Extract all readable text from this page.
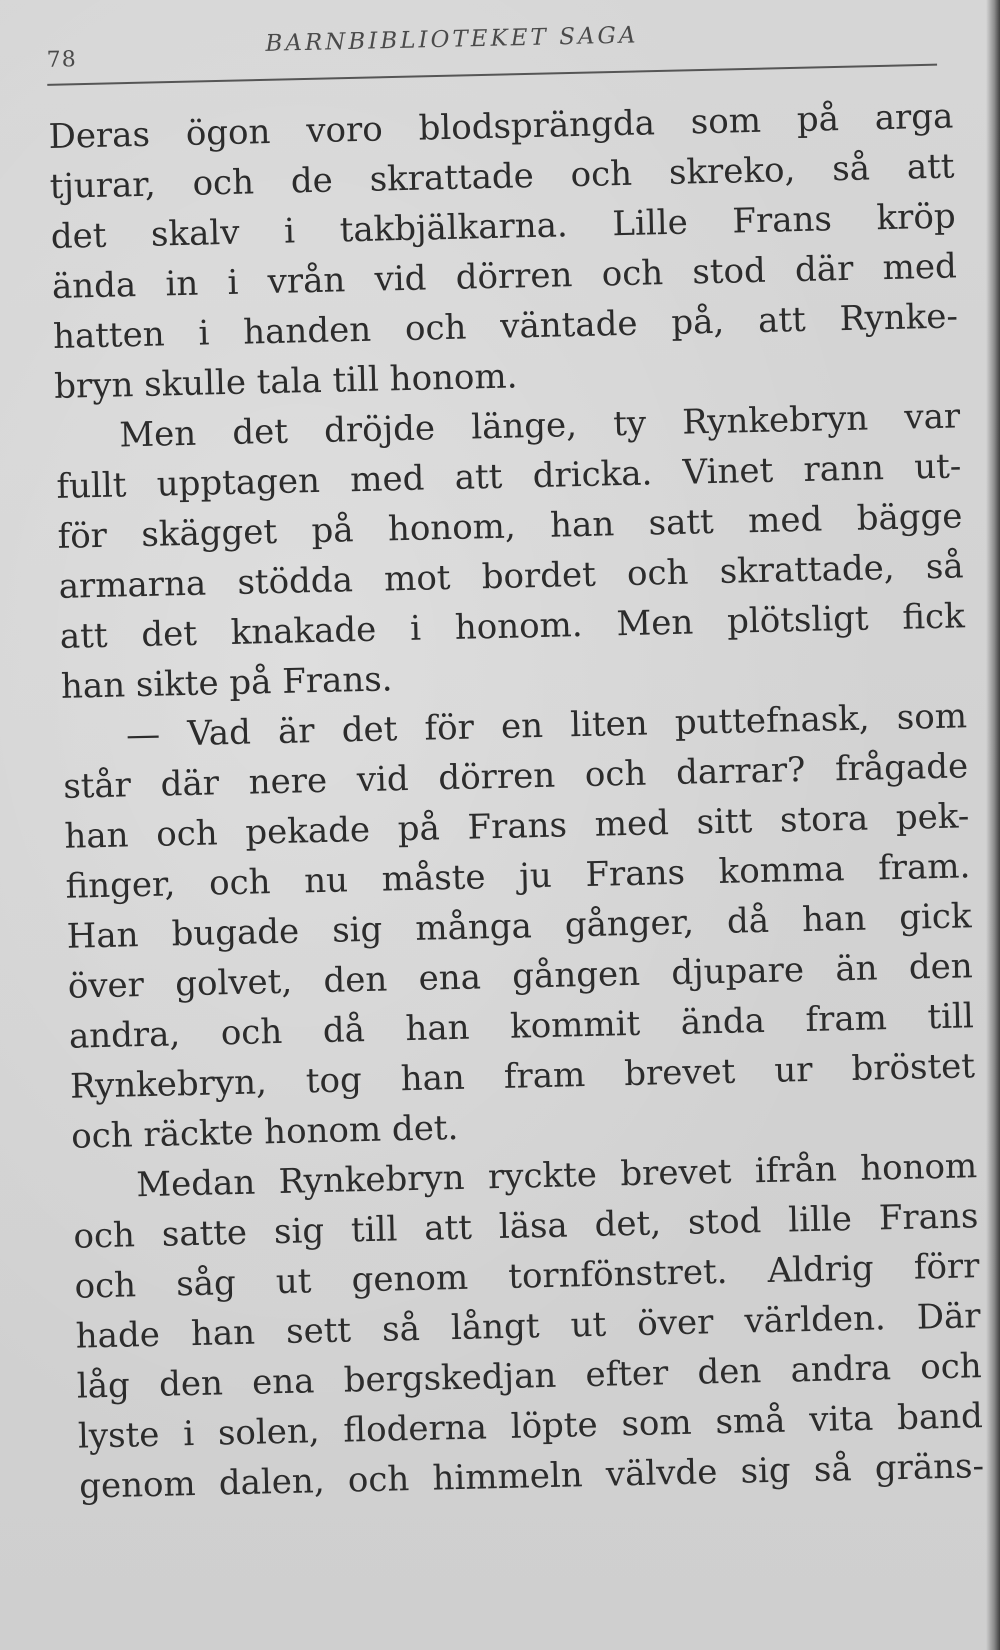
78
BARNBIBLIOTEKET SAGA
Deras ögon voro blodsprängda som på arga
tjurar, och de skrattade och skreko, så att
det skalv i takbjälkarna. Lille Frans kröp
ända in i vrån vid dörren och stod där med
hatten i handen och väntade på, att Rynke-
bryn skulle tala till honom.
Men det dröjde länge, ty Rynkebryn var
fullt upptagen med att dricka. Vinet rann ut-
för skägget på honom, han satt med bägge
armarna stödda mot bordet och skrattade, så
att det knakade i honom. Men plötsligt fick
han sikte på Frans.
— Vad är det för en liten puttefnask, som
står där nere vid dörren och darrar? frågade
han och pekade på Frans med sitt stora pek-
finger, och nu måste ju Frans komma fram.
Han bugade sig många gånger, då han gick
över golvet, den ena gången djupare än den
andra, och då han kommit ända fram till
Rynkebryn, tog han fram brevet ur bröstet
och räckte honom det.
Medan Rynkebryn ryckte brevet ifrån honom
och satte sig till att läsa det, stod lille Frans
och såg ut genom tornfönstret. Aldrig förr
hade han sett så långt ut över världen. Där
låg den ena bergskedjan efter den andra och
lyste i solen, floderna löpte som små vita band
genom dalen, och himmeln välvde sig så gräns-
